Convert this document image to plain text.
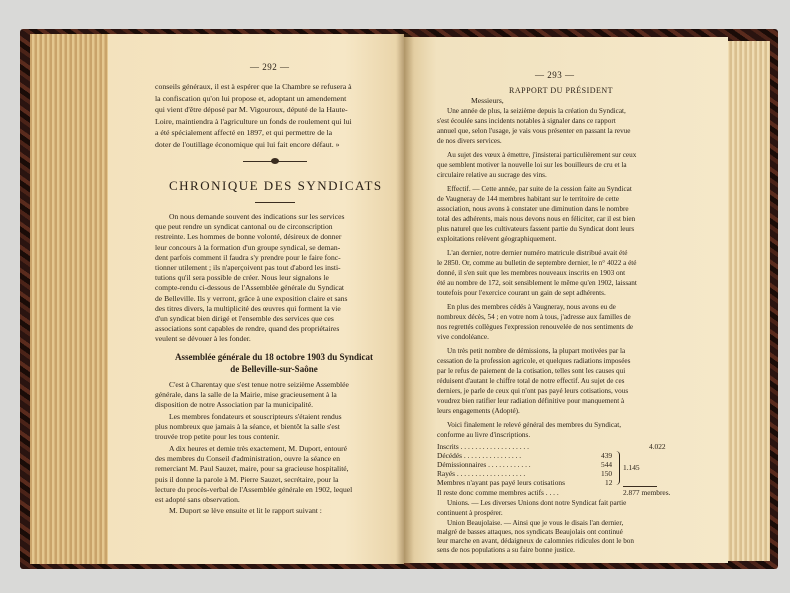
— 292 —
conseils généraux, il est à espérer que la Chambre se refusera à
la confiscation qu'on lui propose et, adoptant un amendement
qui vient d'être déposé par M. Vigouroux, député de la Haute-
Loire, maintiendra à l'agriculture un fonds de roulement qui lui
a été spécialement affecté en 1897, et qui permettre de la
doter de l'outillage économique qui lui fait encore défaut. »
CHRONIQUE DES SYNDICATS
On nous demande souvent des indications sur les services
que peut rendre un syndicat cantonal ou de circonscription
restreinte. Les hommes de bonne volonté, désireux de donner
leur concours à la formation d'un groupe syndical, se deman-
dent parfois comment il faudra s'y prendre pour le faire fonc-
tionner utilement ; ils n'aperçoivent pas tout d'abord les insti-
tutions qu'il sera possible de créer. Nous leur signalons le
compte-rendu ci-dessous de l'Assemblée générale du Syndicat
de Belleville. Ils y verront, grâce à une exposition claire et sans
des titres divers, la multiplicité des œuvres qui forment la vie
d'un syndicat bien dirigé et l'ensemble des services que ces
associations sont capables de rendre, quand des propriétaires
veulent se dévouer à les fonder.
Assemblée générale du 18 octobre 1903 du Syndicat
de Belleville-sur-Saône
C'est à Charentay que s'est tenue notre seizième Assemblée
générale, dans la salle de la Mairie, mise gracieusement à la
disposition de notre Association par la municipalité.
Les membres fondateurs et souscripteurs s'étaient rendus
plus nombreux que jamais à la séance, et bientôt la salle s'est
trouvée trop petite pour les tous contenir.
A dix heures et demie très exactement, M. Duport, entouré
des membres du Conseil d'administration, ouvre la séance en
remerciant M. Paul Sauzet, maire, pour sa gracieuse hospitalité,
puis il donne la parole à M. Pierre Sauzet, secrétaire, pour la
lecture du procès-verbal de l'Assemblée générale en 1902, lequel
est adopté sans observation.
M. Duport se lève ensuite et lit le rapport suivant :
— 293 —
RAPPORT DU PRÉSIDENT
Messieurs,
Une année de plus, la seizième depuis la création du Syndicat,
s'est écoulée sans incidents notables à signaler dans ce rapport
annuel que, selon l'usage, je vais vous présenter en passant la revue
de nos divers services.
Au sujet des vœux à émettre, j'insisterai particulièrement sur ceux
que semblent motiver la nouvelle loi sur les bouilleurs de cru et la
circulaire relative au sucrage des vins.
Effectif. — Cette année, par suite de la cession faite au Syndicat
de Vaugneray de 144 membres habitant sur le territoire de cette
association, nous avons à constater une diminution dans le nombre
total des adhérents, mais nous devons nous en féliciter, car il est bien
plus naturel que les cultivateurs fassent partie du Syndicat dont leurs
exploitations relèvent géographiquement.
L'an dernier, notre dernier numéro matricule distribué avait été
le 2850. Or, comme au bulletin de septembre dernier, le n° 4022 a été
donné, il s'en suit que les membres nouveaux inscrits en 1903 ont
été au nombre de 172, soit sensiblement le même qu'en 1902, laissant
toutefois pour l'exercice courant un gain de sept adhérents.
En plus des membres cédés à Vaugneray, nous avons eu de
nombreux décès, 54 ; en votre nom à tous, j'adresse aux familles de
nos regrettés collègues l'expression renouvelée de nos sentiments de
vive condoléance.
Un très petit nombre de démissions, la plupart motivées par la
cessation de la profession agricole, et quelques radiations imposées
par le refus de paiement de la cotisation, telles sont les causes qui
réduisent d'autant le chiffre total de notre effectif. Au sujet de ces
derniers, je parle de ceux qui n'ont pas payé leurs cotisations, vous
voudrez bien ratifier leur radiation définitive pour manquement à
leurs engagements (Adopté).
Voici finalement le relevé général des membres du Syndicat,
conforme au livre d'inscriptions.
Inscrits . . . . . . . . . . . . . . . . . . .	4.022
Décédés . . . . . . . . . . . . . . . .	439
Démissionnaires . . . . . . . . . . . .	544
Rayés . . . . . . . . . . . . . . . . . . .	150
Membres n'ayant pas payé leurs cotisations	12
1.145
Il reste donc comme membres actifs . . . .	2.877 membres.
Unions. — Les diverses Unions dont notre Syndicat fait partie
continuent à prospérer.
Union Beaujolaise. — Ainsi que je vous le disais l'an dernier,
malgré de basses attaques, nos syndicats Beaujolais ont continué
leur marche en avant, dédaigneux de calomnies ridicules dont le bon
sens de nos populations a su faire bonne justice.
